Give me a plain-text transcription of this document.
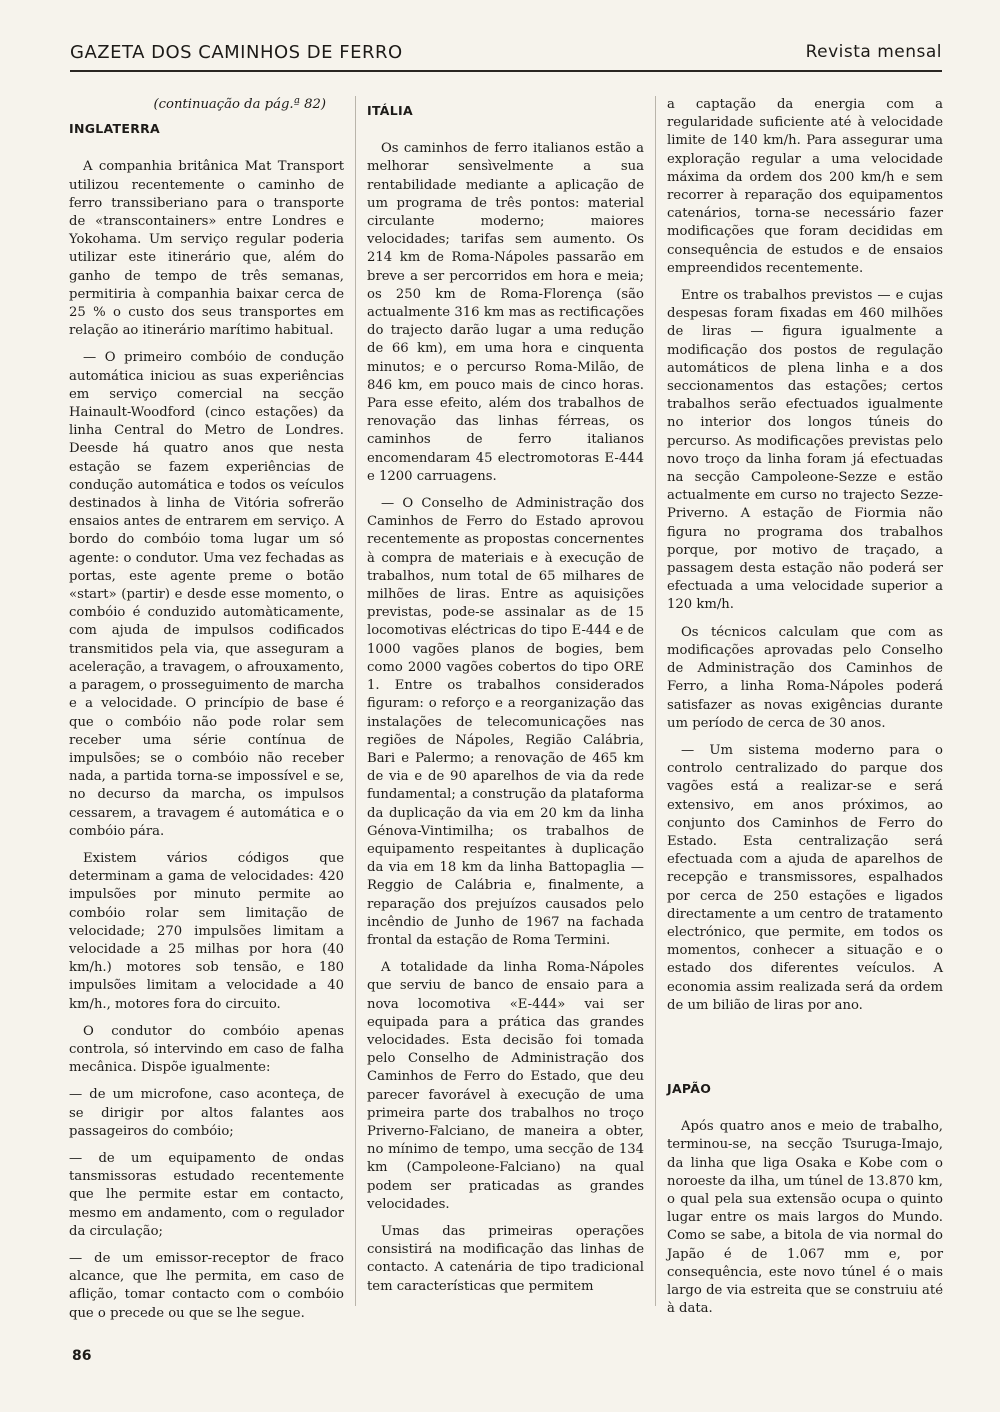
GAZETA DOS CAMINHOS DE FERRO	Revista mensal
(continuação da pág.ª 82)
INGLATERRA

A companhia britânica Mat Transport utilizou recentemente o caminho de ferro transsiberiano para o transporte de «transcontainers» entre Londres e Yokohama. Um serviço regular poderia utilizar este itinerário que, além do ganho de tempo de três semanas, permitiria à companhia baixar cerca de 25 % o custo dos seus transportes em relação ao itinerário marítimo habitual.

— O primeiro combóio de condução automática iniciou as suas experiências em serviço comercial na secção Hainault-Woodford (cinco estações) da linha Central do Metro de Londres. Deesde há quatro anos que nesta estação se fazem experiências de condução automática e todos os veículos destinados à linha de Vitória sofrerão ensaios antes de entrarem em serviço. A bordo do combóio toma lugar um só agente: o condutor. Uma vez fechadas as portas, este agente preme o botão «start» (partir) e desde esse momento, o combóio é conduzido automàticamente, com ajuda de impulsos codificados transmitidos pela via, que asseguram a aceleração, a travagem, o afrouxamento, a paragem, o prosseguimento de marcha e a velocidade. O princípio de base é que o combóio não pode rolar sem receber uma série contínua de impulsões; se o combóio não receber nada, a partida torna-se impossível e se, no decurso da marcha, os impulsos cessarem, a travagem é automática e o combóio pára.

Existem vários códigos que determinam a gama de velocidades: 420 impulsões por minuto permite ao combóio rolar sem limitação de velocidade; 270 impulsões limitam a velocidade a 25 milhas por hora (40 km/h.) motores sob tensão, e 180 impulsões limitam a velocidade a 40 km/h., motores fora do circuito.

O condutor do combóio apenas controla, só intervindo em caso de falha mecânica. Dispõe igualmente:

— de um microfone, caso aconteça, de se dirigir por altos falantes aos passageiros do combóio;

— de um equipamento de ondas tansmissoras estudado recentemente que lhe permite estar em contacto, mesmo em andamento, com o regulador da circulação;

— de um emissor-receptor de fraco alcance, que lhe permita, em caso de aflição, tomar contacto com o combóio que o precede ou que se lhe segue.

ITÁLIA

Os caminhos de ferro italianos estão a melhorar sensìvelmente a sua rentabilidade mediante a aplicação de um programa de três pontos: material circulante moderno; maiores velocidades; tarifas sem aumento. Os 214 km de Roma-Nápoles passarão em breve a ser percorridos em hora e meia; os 250 km de Roma-Florença (são actualmente 316 km mas as rectificações do trajecto darão lugar a uma redução de 66 km), em uma hora e cinquenta minutos; e o percurso Roma-Milão, de 846 km, em pouco mais de cinco horas. Para esse efeito, além dos trabalhos de renovação das linhas férreas, os caminhos de ferro italianos encomendaram 45 electromotoras E-444 e 1200 carruagens.

— O Conselho de Administração dos Caminhos de Ferro do Estado aprovou recentemente as propostas concernentes à compra de materiais e à execução de trabalhos, num total de 65 milhares de milhões de liras. Entre as aquisições previstas, pode-se assinalar as de 15 locomotivas eléctricas do tipo E-444 e de 1000 vagões planos de bogies, bem como 2000 vagões cobertos do tipo ORE 1. Entre os trabalhos considerados figuram: o reforço e a reorganização das instalações de telecomunicações nas regiões de Nápoles, Região Calábria, Bari e Palermo; a renovação de 465 km de via e de 90 aparelhos de via da rede fundamental; a construção da plataforma da duplicação da via em 20 km da linha Génova-Vintimilha; os trabalhos de equipamento respeitantes à duplicação da via em 18 km da linha Battopaglia — Reggio de Calábria e, finalmente, a reparação dos prejuízos causados pelo incêndio de Junho de 1967 na fachada frontal da estação de Roma Termini.

A totalidade da linha Roma-Nápoles que serviu de banco de ensaio para a nova locomotiva «E-444» vai ser equipada para a prática das grandes velocidades. Esta decisão foi tomada pelo Conselho de Administração dos Caminhos de Ferro do Estado, que deu parecer favorável à execução de uma primeira parte dos trabalhos no troço Priverno-Falciano, de maneira a obter, no mínimo de tempo, uma secção de 134 km (Campoleone-Falciano) na qual podem ser praticadas as grandes velocidades.

Umas das primeiras operações consistirá na modificação das linhas de contacto. A catenária de tipo tradicional tem características que permitem

a captação da energia com a regularidade suficiente até à velocidade limite de 140 km/h. Para assegurar uma exploração regular a uma velocidade máxima da ordem dos 200 km/h e sem recorrer à reparação dos equipamentos catenários, torna-se necessário fazer modificações que foram decididas em consequência de estudos e de ensaios empreendidos recentemente.

Entre os trabalhos previstos — e cujas despesas foram fixadas em 460 milhões de liras — figura igualmente a modificação dos postos de regulação automáticos de plena linha e a dos seccionamentos das estações; certos trabalhos serão efectuados igualmente no interior dos longos túneis do percurso. As modificações previstas pelo novo troço da linha foram já efectuadas na secção Campoleone-Sezze e estão actualmente em curso no trajecto Sezze-Priverno. A estação de Fiormia não figura no programa dos trabalhos porque, por motivo de traçado, a passagem desta estação não poderá ser efectuada a uma velocidade superior a 120 km/h.

Os técnicos calculam que com as modificações aprovadas pelo Conselho de Administração dos Caminhos de Ferro, a linha Roma-Nápoles poderá satisfazer as novas exigências durante um período de cerca de 30 anos.

— Um sistema moderno para o controlo centralizado do parque dos vagões está a realizar-se e será extensivo, em anos próximos, ao conjunto dos Caminhos de Ferro do Estado. Esta centralização será efectuada com a ajuda de aparelhos de recepção e transmissores, espalhados por cerca de 250 estações e ligados directamente a um centro de tratamento electrónico, que permite, em todos os momentos, conhecer a situação e o estado dos diferentes veículos. A economia assim realizada será da ordem de um bilião de liras por ano.

JAPÃO

Após quatro anos e meio de trabalho, terminou-se, na secção Tsuruga-Imajo, da linha que liga Osaka e Kobe com o noroeste da ilha, um túnel de 13.870 km, o qual pela sua extensão ocupa o quinto lugar entre os mais largos do Mundo. Como se sabe, a bitola de via normal do Japão é de 1.067 mm e, por consequência, este novo túnel é o mais largo de via estreita que se construiu até à data.

86
